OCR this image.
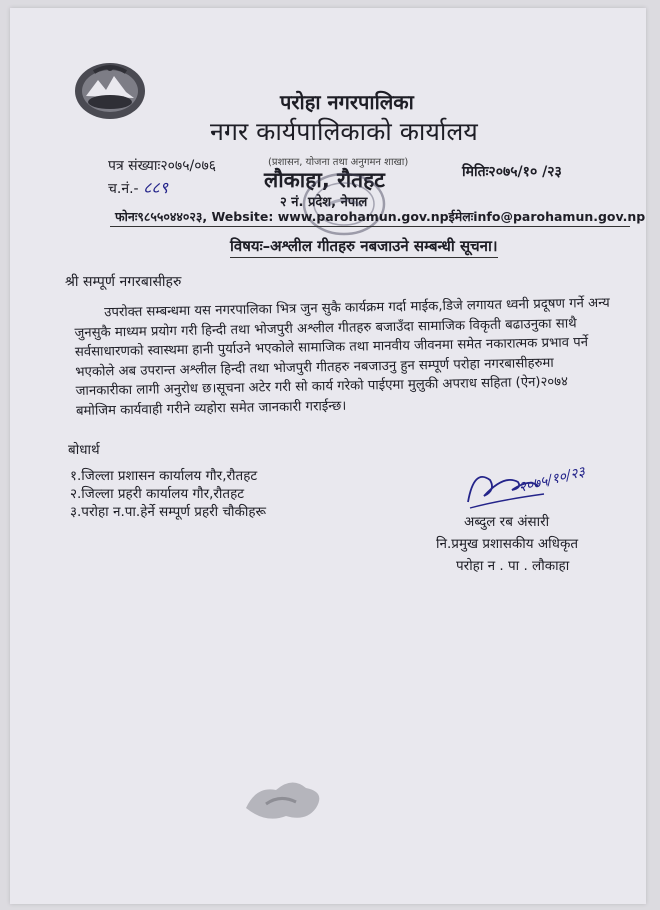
परोहा नगरपालिका
नगर कार्यपालिकाको कार्यालय
पत्र संख्याः२०७५/०७६
च.नं.- ८८९
(प्रशासन, योजना तथा अनुगमन शाखा)
लौकाहा, रौतहट
२ नं. प्रदेश, नेपाल
मितिः२०७५/१० /२३
फोनः९८५५०४४०२३, Website: www.parohamun.gov.npईमेलःinfo@parohamun.gov.np
विषयः–अश्लील गीतहरु नबजाउने सम्बन्धी सूचना।
श्री सम्पूर्ण नगरबासीहरु
उपरोक्त सम्बन्धमा यस नगरपालिका भित्र जुन सुकै कार्यक्रम गर्दा माईक,डिजे लगायत ध्वनी प्रदूषण गर्ने अन्य
जुनसुकै माध्यम प्रयोग गरी हिन्दी तथा भोजपुरी अश्लील गीतहरु बजाउँदा सामाजिक विकृती बढाउनुका साथै
सर्वसाधारणको स्वास्थमा हानी पुर्याउने भएकोले सामाजिक तथा मानवीय जीवनमा समेत नकारात्मक प्रभाव पर्ने
भएकोले अब उपरान्त अश्लील हिन्दी तथा भोजपुरी गीतहरु नबजाउनु हुन सम्पूर्ण परोहा नगरबासीहरुमा
जानकारीका लागी अनुरोध छ।सूचना अटेर गरी सो कार्य गरेको पाईएमा मुलुकी अपराध सहिता (ऐन)२०७४
बमोजिम कार्यवाही गरीने व्यहोरा समेत जानकारी गराईन्छ।
बोधार्थ
१.जिल्ला प्रशासन कार्यालय गौर,रौतहट
२.जिल्ला प्रहरी कार्यालय गौर,रौतहट
३.परोहा न.पा.हेर्ने सम्पूर्ण प्रहरी चौकीहरू
२०७५/१०/२३
अब्दुल रब अंसारी
नि.प्रमुख प्रशासकीय अधिकृत
परोहा न . पा . लौकाहा
